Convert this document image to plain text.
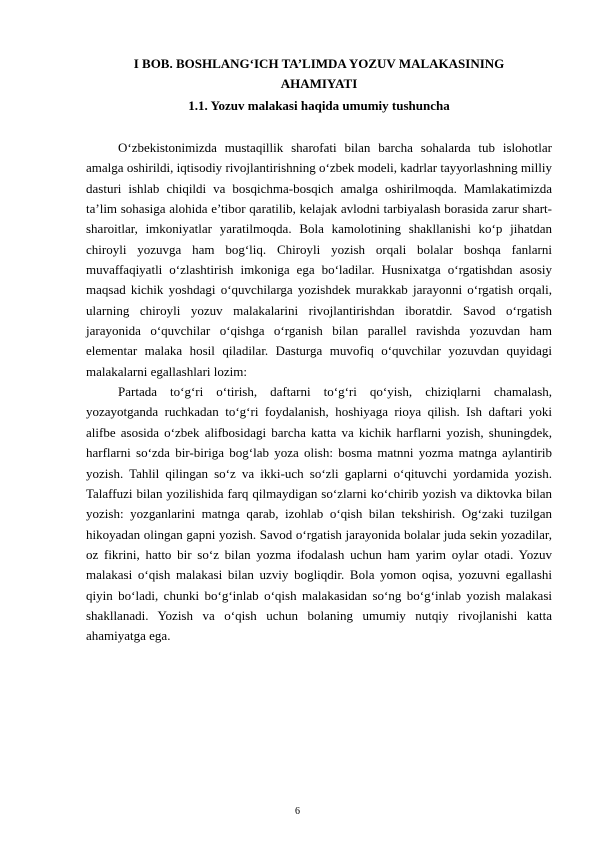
I BOB. BOSHLANG‘ICH TA’LIMDA YOZUV MALAKASINING

AHAMIYATI

1.1. Yozuv malakasi haqida umumiy tushuncha

O‘zbekistonimizda mustaqillik sharofati bilan barcha sohalarda tub islohotlar amalga oshirildi, iqtisodiy rivojlantirishning o‘zbek modeli, kadrlar tayyorlashning milliy dasturi ishlab chiqildi va bosqichma-bosqich amalga oshirilmoqda. Mamlakatimizda ta’lim sohasiga alohida e’tibor qaratilib, kelajak avlodni tarbiyalash borasida zarur shart-sharoitlar, imkoniyatlar yaratilmoqda. Bola kamolotining shakllanishi ko‘p jihatdan chiroyli yozuvga ham bog‘liq. Chiroyli yozish orqali bolalar boshqa fanlarni muvaffaqiyatli o‘zlashtirish imkoniga ega bo‘ladilar. Husnixatga o‘rgatishdan asosiy maqsad kichik yoshdagi o‘quvchilarga yozishdek murakkab jarayonni o‘rgatish orqali, ularning chiroyli yozuv malakalarini rivojlantirishdan iboratdir. Savod o‘rgatish jarayonida o‘quvchilar o‘qishga o‘rganish bilan parallel ravishda yozuvdan ham elementar malaka hosil qiladilar. Dasturga muvofiq o‘quvchilar yozuvdan quyidagi malakalarni egallashlari lozim:

Partada to‘g‘ri o‘tirish, daftarni to‘g‘ri qo‘yish, chiziqlarni chamalash, yozayotganda ruchkadan to‘g‘ri foydalanish, hoshiyaga rioya qilish. Ish daftari yoki alifbe asosida o‘zbek alifbosidagi barcha katta va kichik harflarni yozish, shuningdek, harflarni so‘zda bir-biriga bog‘lab yoza olish: bosma matnni yozma matnga aylantirib yozish. Tahlil qilingan so‘z va ikki-uch so‘zli gaplarni o‘qituvchi yordamida yozish. Talaffuzi bilan yozilishida farq qilmaydigan so‘zlarni ko‘chirib yozish va diktovka bilan yozish: yozganlarini matnga qarab, izohlab o‘qish bilan tekshirish. Og‘zaki tuzilgan hikoyadan olingan gapni yozish. Savod o‘rgatish jarayonida bolalar juda sekin yozadilar, oz fikrini, hatto bir so‘z bilan yozma ifodalash uchun ham yarim oylar otadi. Yozuv malakasi o‘qish malakasi bilan uzviy bogliqdir. Bola yomon oqisa, yozuvni egallashi qiyin bo‘ladi, chunki bo‘g‘inlab o‘qish malakasidan so‘ng bo‘g‘inlab yozish malakasi shakllanadi. Yozish va o‘qish uchun bolaning umumiy nutqiy rivojlanishi katta ahamiyatga ega.

6
